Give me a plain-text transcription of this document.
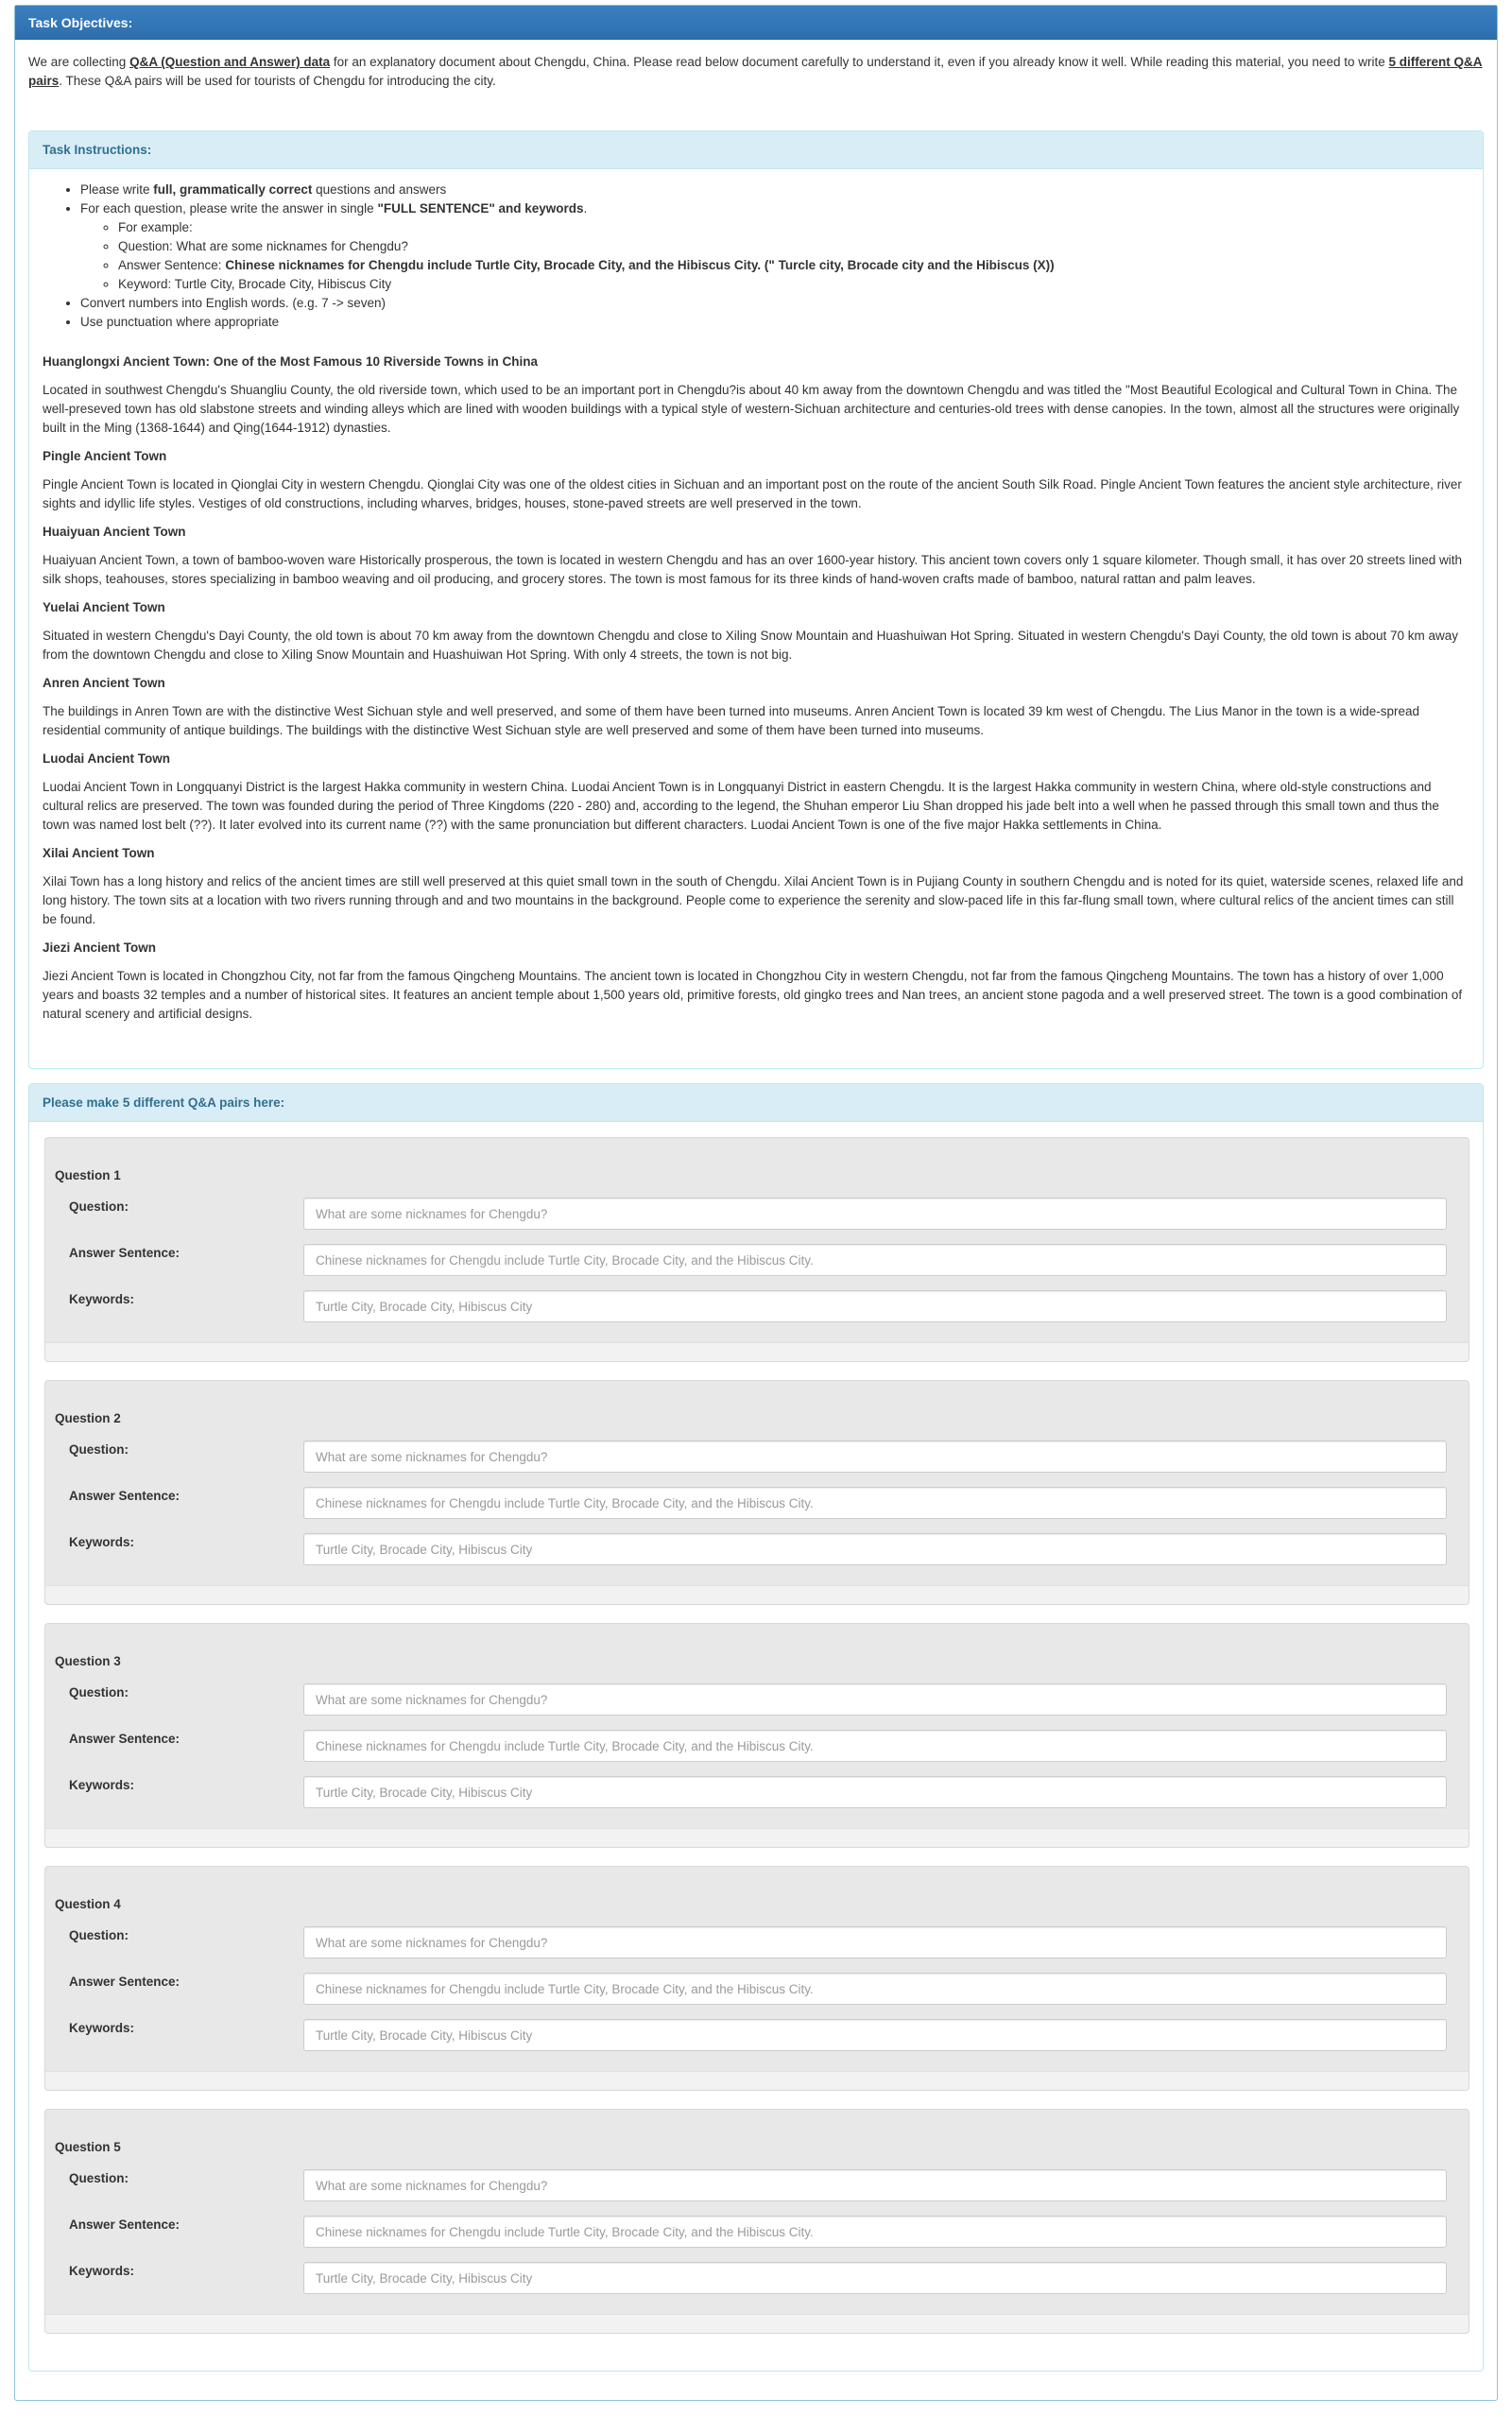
Task Objectives:
We are collecting Q&A (Question and Answer) data for an explanatory document about Chengdu, China. Please read below document carefully to understand it, even if you already know it well. While reading this material, you need to write 5 different Q&A pairs. These Q&A pairs will be used for tourists of Chengdu for introducing the city.
Task Instructions:
• Please write full, grammatically correct questions and answers
• For each question, please write the answer in single "FULL SENTENCE" and keywords.
◦ For example:
◦ Question: What are some nicknames for Chengdu?
◦ Answer Sentence: Chinese nicknames for Chengdu include Turtle City, Brocade City, and the Hibiscus City. (" Turcle city, Brocade city and the Hibiscus (X))
◦ Keyword: Turtle City, Brocade City, Hibiscus City
• Convert numbers into English words. (e.g. 7 -> seven)
• Use punctuation where appropriate
Huanglongxi Ancient Town: One of the Most Famous 10 Riverside Towns in China

Located in southwest Chengdu's Shuangliu County, the old riverside town, which used to be an important port in Chengdu?is about 40 km away from the downtown Chengdu and was titled the "Most Beautiful Ecological and Cultural Town in China. The well-preseved town has old slabstone streets and winding alleys which are lined with wooden buildings with a typical style of western-Sichuan architecture and centuries-old trees with dense canopies. In the town, almost all the structures were originally built in the Ming (1368-1644) and Qing(1644-1912) dynasties.

Pingle Ancient Town

Pingle Ancient Town is located in Qionglai City in western Chengdu. Qionglai City was one of the oldest cities in Sichuan and an important post on the route of the ancient South Silk Road. Pingle Ancient Town features the ancient style architecture, river sights and idyllic life styles. Vestiges of old constructions, including wharves, bridges, houses, stone-paved streets are well preserved in the town.

Huaiyuan Ancient Town

Huaiyuan Ancient Town, a town of bamboo-woven ware Historically prosperous, the town is located in western Chengdu and has an over 1600-year history. This ancient town covers only 1 square kilometer. Though small, it has over 20 streets lined with silk shops, teahouses, stores specializing in bamboo weaving and oil producing, and grocery stores. The town is most famous for its three kinds of hand-woven crafts made of bamboo, natural rattan and palm leaves.

Yuelai Ancient Town

Situated in western Chengdu's Dayi County, the old town is about 70 km away from the downtown Chengdu and close to Xiling Snow Mountain and Huashuiwan Hot Spring. Situated in western Chengdu's Dayi County, the old town is about 70 km away from the downtown Chengdu and close to Xiling Snow Mountain and Huashuiwan Hot Spring. With only 4 streets, the town is not big.

Anren Ancient Town

The buildings in Anren Town are with the distinctive West Sichuan style and well preserved, and some of them have been turned into museums. Anren Ancient Town is located 39 km west of Chengdu. The Lius Manor in the town is a wide-spread residential community of antique buildings. The buildings with the distinctive West Sichuan style are well preserved and some of them have been turned into museums.

Luodai Ancient Town

Luodai Ancient Town in Longquanyi District is the largest Hakka community in western China. Luodai Ancient Town is in Longquanyi District in eastern Chengdu. It is the largest Hakka community in western China, where old-style constructions and cultural relics are preserved. The town was founded during the period of Three Kingdoms (220 - 280) and, according to the legend, the Shuhan emperor Liu Shan dropped his jade belt into a well when he passed through this small town and thus the town was named lost belt (??). It later evolved into its current name (??) with the same pronunciation but different characters. Luodai Ancient Town is one of the five major Hakka settlements in China.

Xilai Ancient Town

Xilai Town has a long history and relics of the ancient times are still well preserved at this quiet small town in the south of Chengdu. Xilai Ancient Town is in Pujiang County in southern Chengdu and is noted for its quiet, waterside scenes, relaxed life and long history. The town sits at a location with two rivers running through and and two mountains in the background. People come to experience the serenity and slow-paced life in this far-flung small town, where cultural relics of the ancient times can still be found.

Jiezi Ancient Town

Jiezi Ancient Town is located in Chongzhou City, not far from the famous Qingcheng Mountains. The ancient town is located in Chongzhou City in western Chengdu, not far from the famous Qingcheng Mountains. The town has a history of over 1,000 years and boasts 32 temples and a number of historical sites. It features an ancient temple about 1,500 years old, primitive forests, old gingko trees and Nan trees, an ancient stone pagoda and a well preserved street. The town is a good combination of natural scenery and artificial designs.

Please make 5 different Q&A pairs here:
Question 1
Question:
What are some nicknames for Chengdu?
Answer Sentence:
Chinese nicknames for Chengdu include Turtle City, Brocade City, and the Hibiscus City.
Keywords:
Turtle City, Brocade City, Hibiscus City
Question 2
Question:
What are some nicknames for Chengdu?
Answer Sentence:
Chinese nicknames for Chengdu include Turtle City, Brocade City, and the Hibiscus City.
Keywords:
Turtle City, Brocade City, Hibiscus City
Question 3
Question:
What are some nicknames for Chengdu?
Answer Sentence:
Chinese nicknames for Chengdu include Turtle City, Brocade City, and the Hibiscus City.
Keywords:
Turtle City, Brocade City, Hibiscus City
Question 4
Question:
What are some nicknames for Chengdu?
Answer Sentence:
Chinese nicknames for Chengdu include Turtle City, Brocade City, and the Hibiscus City.
Keywords:
Turtle City, Brocade City, Hibiscus City
Question 5
Question:
What are some nicknames for Chengdu?
Answer Sentence:
Chinese nicknames for Chengdu include Turtle City, Brocade City, and the Hibiscus City.
Keywords:
Turtle City, Brocade City, Hibiscus City
